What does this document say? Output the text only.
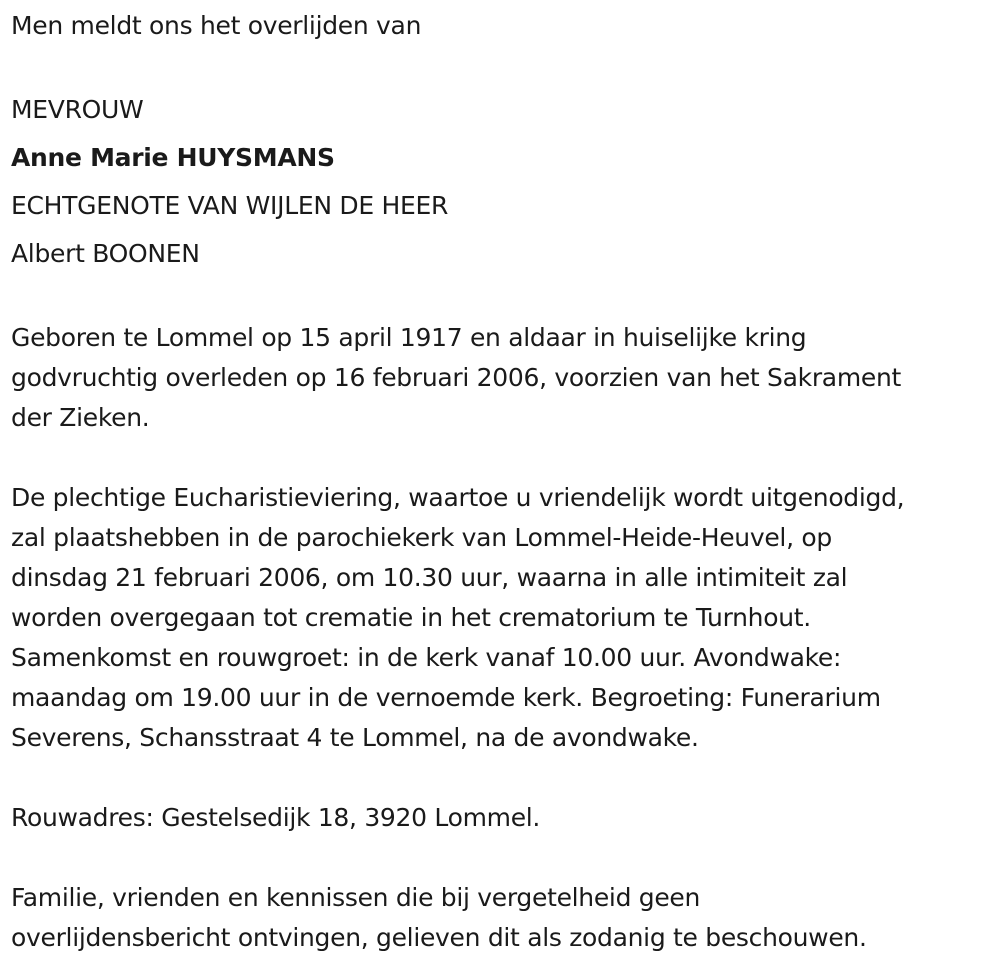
Men meldt ons het overlijden van
MEVROUW
Anne Marie HUYSMANS
ECHTGENOTE VAN WIJLEN DE HEER
Albert BOONEN
Geboren te Lommel op 15 april 1917 en aldaar in huiselijke kring
godvruchtig overleden op 16 februari 2006, voorzien van het Sakrament
der Zieken.
De plechtige Eucharistieviering, waartoe u vriendelijk wordt uitgenodigd,
zal plaatshebben in de parochiekerk van Lommel-Heide-Heuvel, op
dinsdag 21 februari 2006, om 10.30 uur, waarna in alle intimiteit zal
worden overgegaan tot crematie in het crematorium te Turnhout.
Samenkomst en rouwgroet: in de kerk vanaf 10.00 uur. Avondwake:
maandag om 19.00 uur in de vernoemde kerk. Begroeting: Funerarium
Severens, Schansstraat 4 te Lommel, na de avondwake.
Rouwadres: Gestelsedijk 18, 3920 Lommel.
Familie, vrienden en kennissen die bij vergetelheid geen
overlijdensbericht ontvingen, gelieven dit als zodanig te beschouwen.
